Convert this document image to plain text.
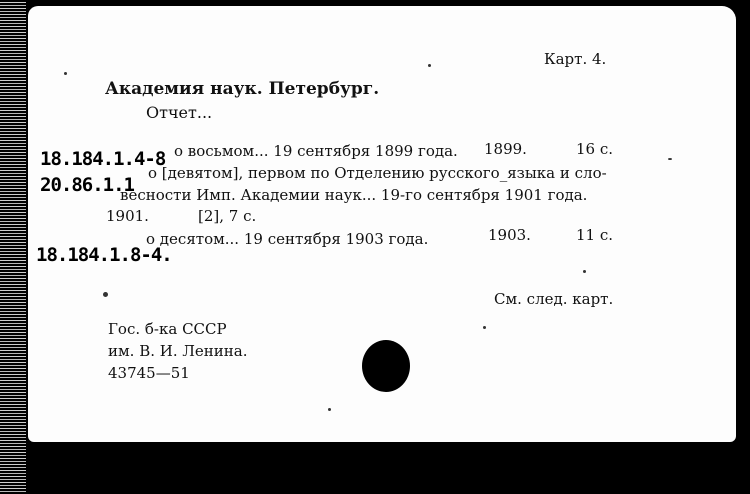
Карт. 4.
Академия наук. Петербург.
Отчет...
18.184.1.4-8 о восьмом... 19 сентября 1899 года. 1899.	16 с.
20.86.1.1
о [девятом], первом по Отделению русского_языка и сло-
весности Имп. Академии наук... 19-го сентября 1901 года.
1901.	[2], 7 с.
18.184.1.8-4.
о десятом... 19 сентября 1903 года.	1903.	11 с.
См. след. карт.
Гос. б-ка СССР
им. В. И. Ленина.
43745—51
